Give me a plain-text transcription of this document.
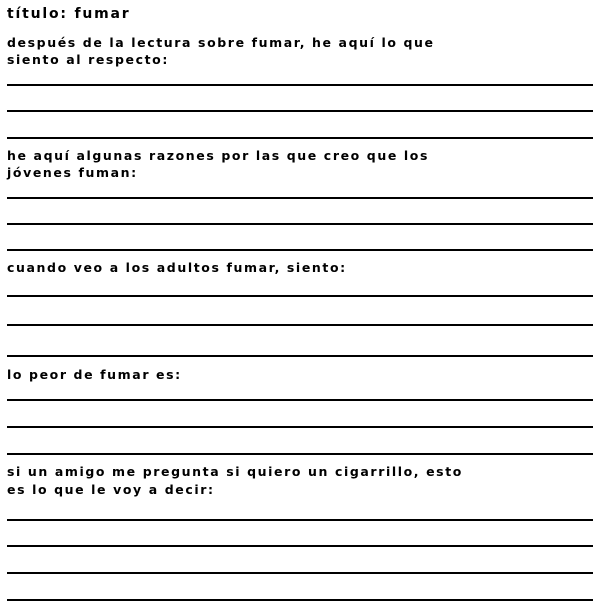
título: fumar
después de la lectura sobre fumar, he aquí lo que
siento al respecto:
he aquí algunas razones por las que creo que los
jóvenes fuman:
cuando veo a los adultos fumar, siento:
lo peor de fumar es:
si un amigo me pregunta si quiero un cigarrillo, esto
es lo que le voy a decir:
